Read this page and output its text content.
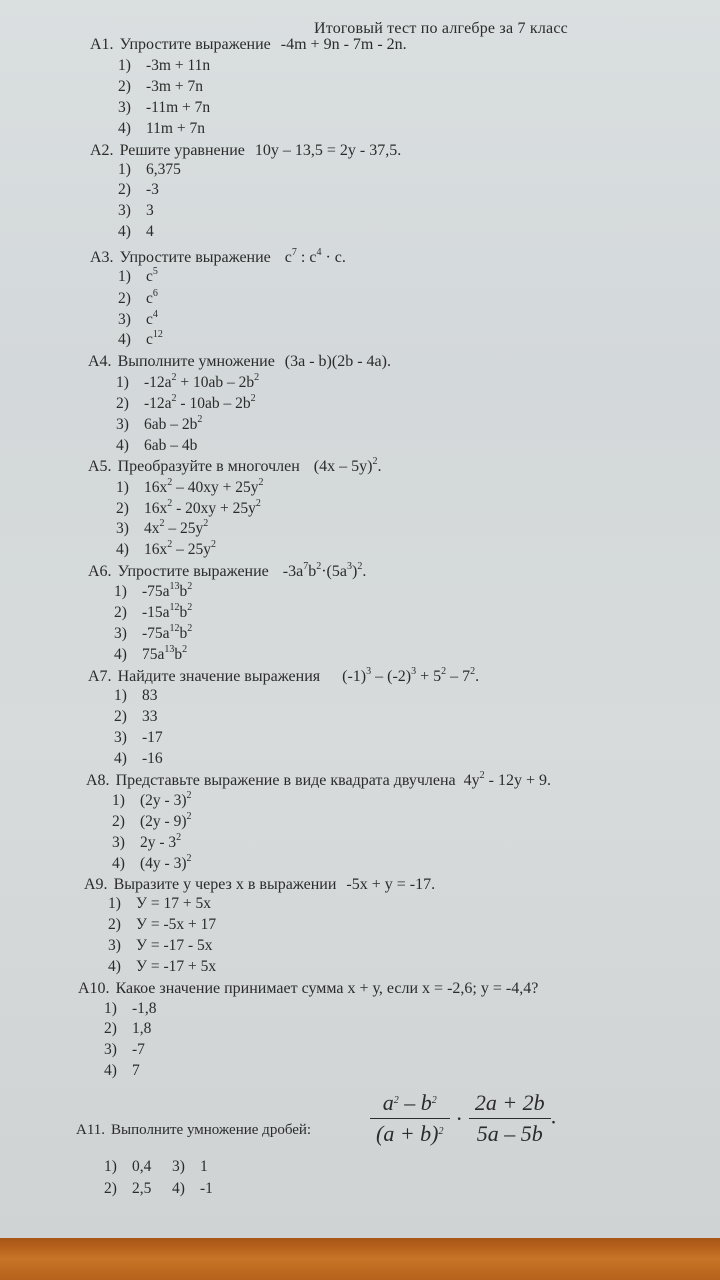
Итоговый тест по алгебре за 7 класс
A1. Упростите выражение -4m + 9n - 7m - 2n.
1) -3m + 11n
2) -3m + 7n
3) -11m + 7n
4) 11m + 7n
A2. Решите уравнение 10y – 13,5 = 2y - 37,5.
1) 6,375
2) -3
3) 3
4) 4
A3. Упростите выражение $c^7$ : $c^4 \cdot c$.
1) $c^5$
2) $c^6$
3) $c^4$
4) $c^{12}$
A4. Выполните умножение (3a - b)(2b - 4a).
1) $-12a^2 + 10ab - 2b^2$
2) $-12a^2 - 10ab - 2b^2$
3) $6ab - 2b^2$
4) 6ab – 4b
A5. Преобразуйте в многочлен (4x – 5y)$^2$.
1) $16x^2 - 40xy + 25y^2$
2) $16x^2 - 20xy + 25y^2$
3) $4x^2 - 25y^2$
4) $16x^2 - 25y^2$
A6. Упростите выражение $-3a^7b^2\cdot(5a^3)^2$.
1) $-75a^{13}b^2$
2) $-15a^{12}b^2$
3) $-75a^{12}b^2$
4) $75a^{13}b^2$
A7. Найдите значение выражения $(-1)^3 - (-2)^3 + 5^2 - 7^2$.
1) 83
2) 33
3) -17
4) -16
A8. Представьте выражение в виде квадрата двучлена $4y^2 - 12y + 9$.
1) (2y - 3)$^2$
2) (2y - 9)$^2$
3) $2y - 3^2$
4) (4y - 3)$^2$
A9. Выразите у через х в выражении -5x + y = -17.
1) У = 17 + 5х
2) У = -5х + 17
3) У = -17 - 5х
4) У = -17 + 5х
A10. Какое значение принимает сумма х + у, если х = -2,6; у = -4,4?
1) -1,8
2) 1,8
3) -7
4) 7
A11. Выполните умножение дробей:	$\frac{a^2 - b^2}{(a + b)^2} \cdot \frac{2a + 2b}{5a - 5b}$ .
1) 0,4 3) 1
2) 2,5 4) -1
